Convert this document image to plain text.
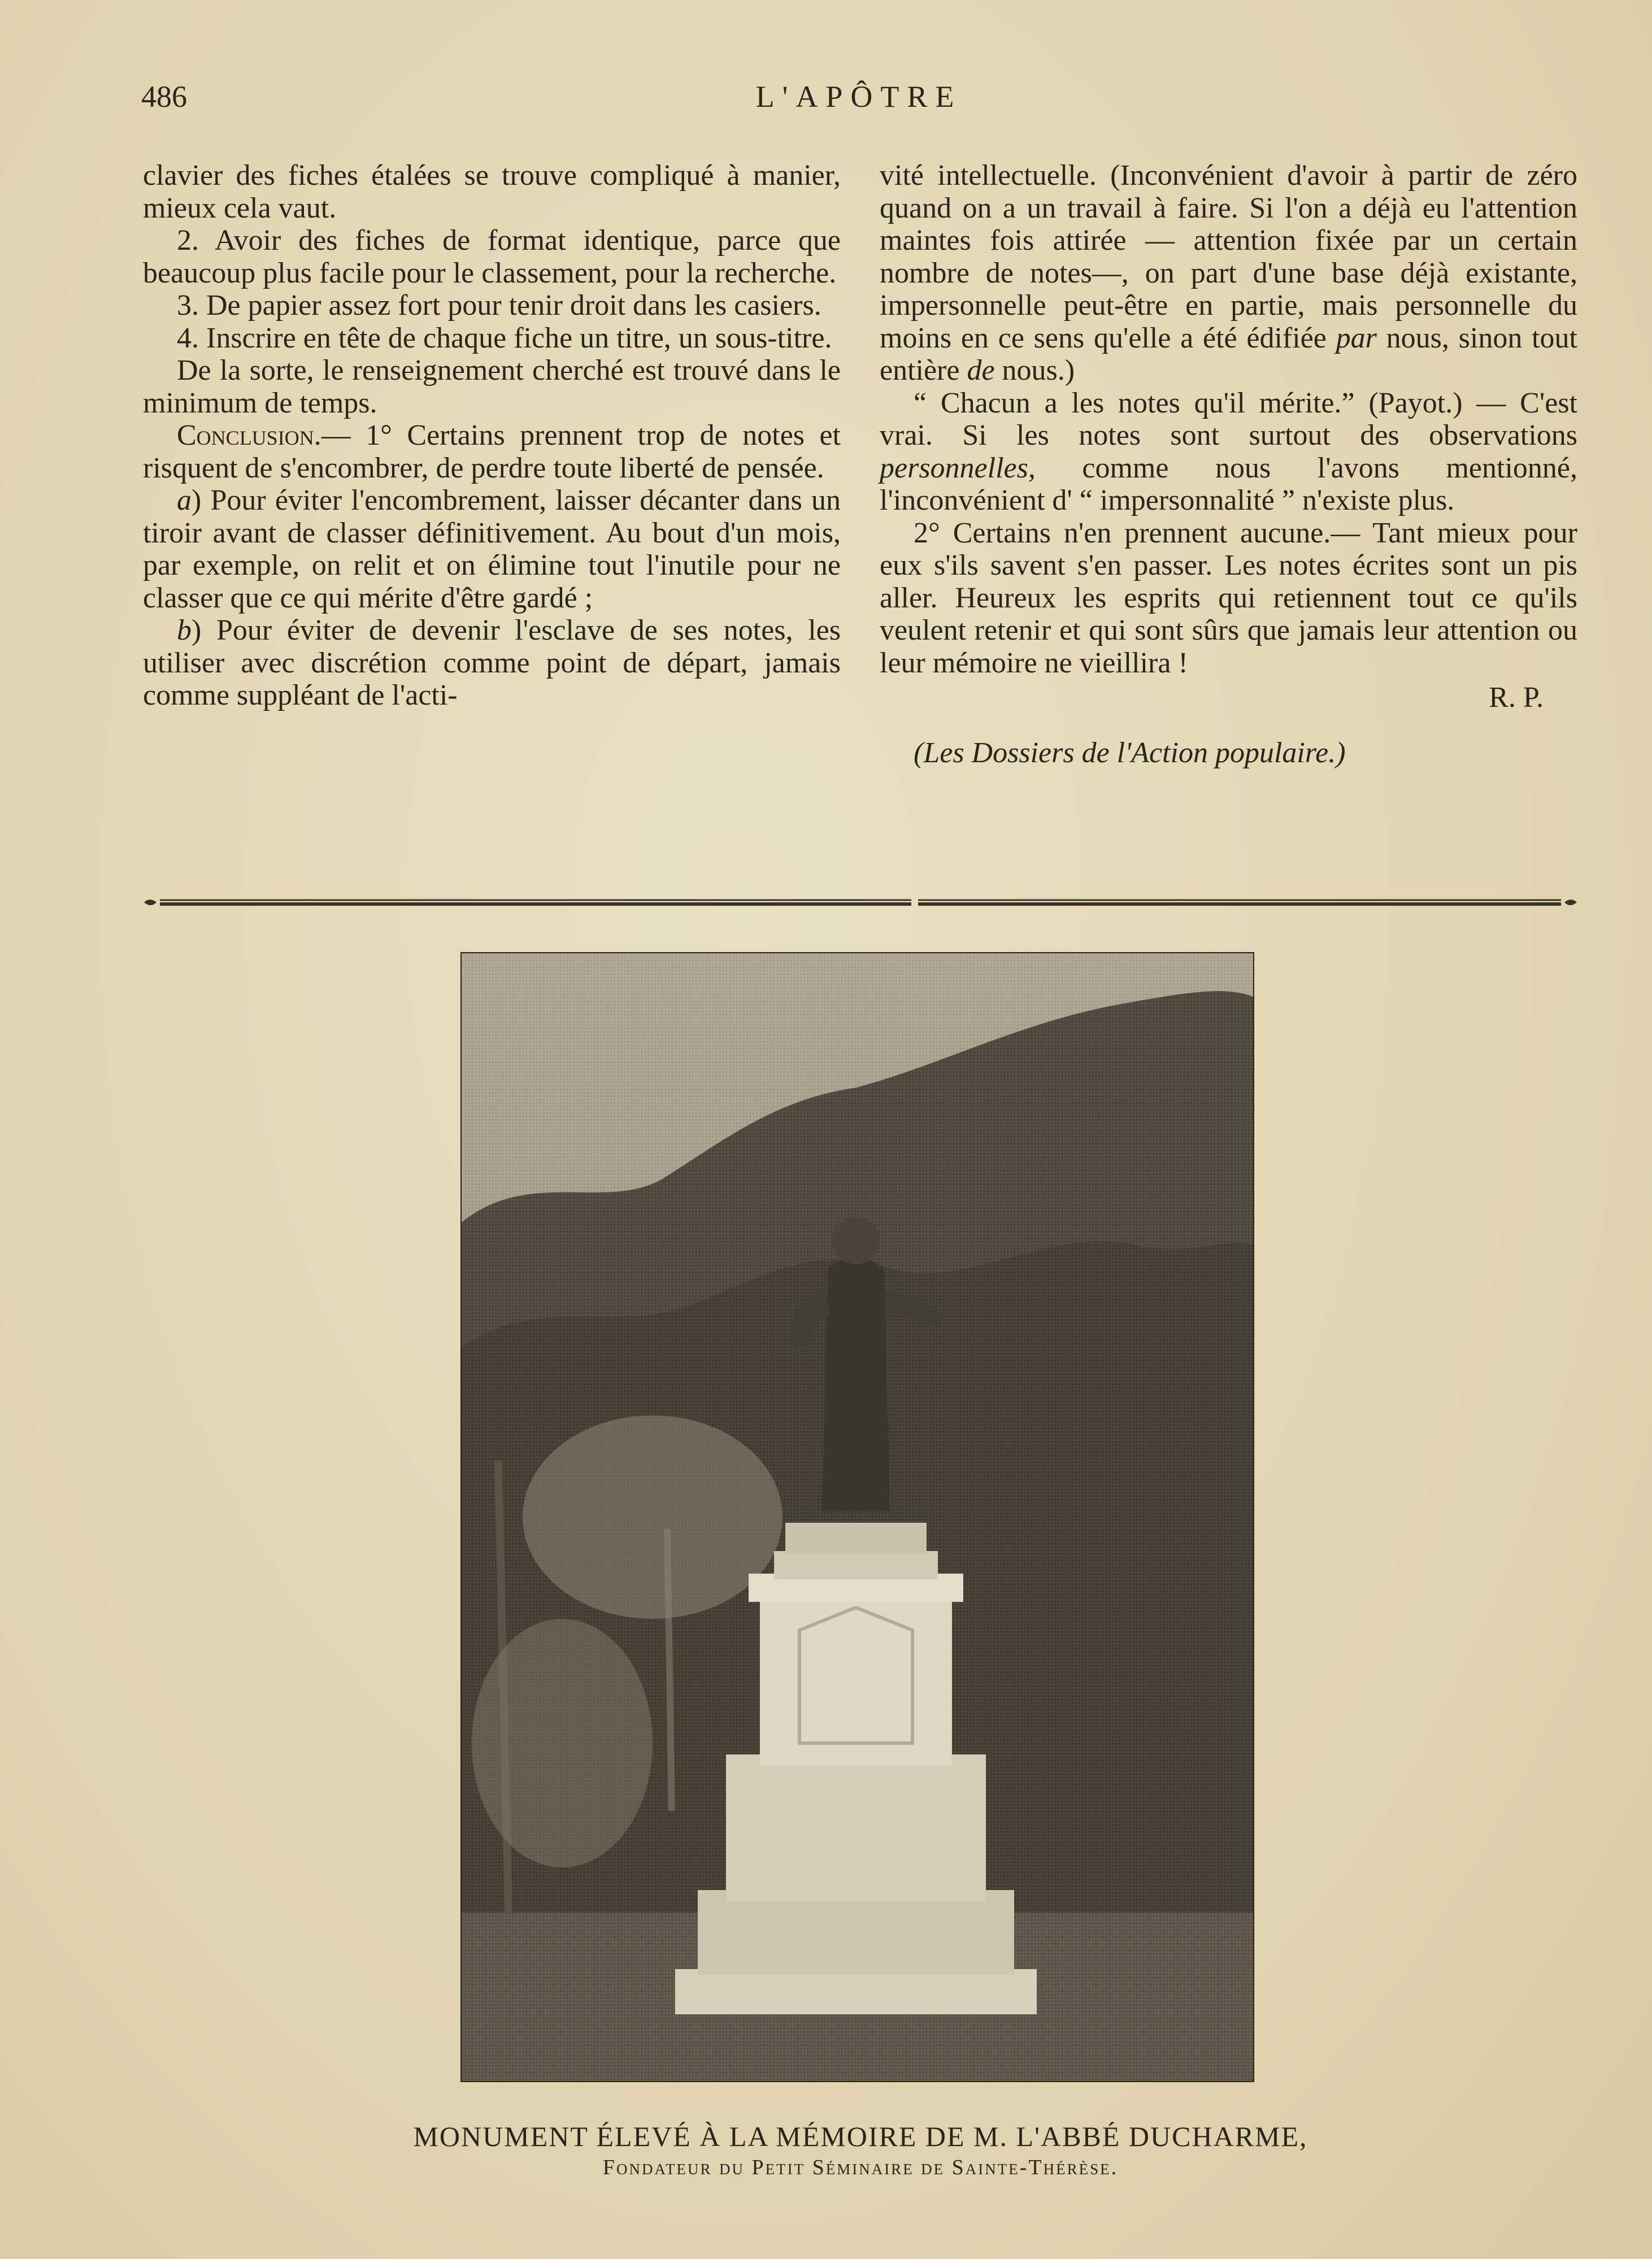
486	L'APÔTRE

clavier des fiches étalées se trouve compliqué à manier, mieux cela vaut.

2. Avoir des fiches de format identique, parce que beaucoup plus facile pour le classement, pour la recherche.

3. De papier assez fort pour tenir droit dans les casiers.

4. Inscrire en tête de chaque fiche un titre, un sous-titre.

De la sorte, le renseignement cherché est trouvé dans le minimum de temps.

Conclusion.— 1° Certains prennent trop de notes et risquent de s'encombrer, de perdre toute liberté de pensée.

a) Pour éviter l'encombrement, laisser décanter dans un tiroir avant de classer définitivement. Au bout d'un mois, par exemple, on relit et on élimine tout l'inutile pour ne classer que ce qui mérite d'être gardé ;

b) Pour éviter de devenir l'esclave de ses notes, les utiliser avec discrétion comme point de départ, jamais comme suppléant de l'acti-

vité intellectuelle. (Inconvénient d'avoir à partir de zéro quand on a un travail à faire. Si l'on a déjà eu l'attention maintes fois attirée — attention fixée par un certain nombre de notes—, on part d'une base déjà existante, impersonnelle peut-être en partie, mais personnelle du moins en ce sens qu'elle a été édifiée par nous, sinon tout entière de nous.)

“ Chacun a les notes qu'il mérite.” (Payot.) — C'est vrai. Si les notes sont surtout des observations personnelles, comme nous l'avons mentionné, l'inconvénient d' “ impersonnalité ” n'existe plus.

2° Certains n'en prennent aucune.— Tant mieux pour eux s'ils savent s'en passer. Les notes écrites sont un pis aller. Heureux les esprits qui retiennent tout ce qu'ils veulent retenir et qui sont sûrs que jamais leur attention ou leur mémoire ne vieillira !

R. P.

(Les Dossiers de l'Action populaire.)

MONUMENT ÉLEVÉ À LA MÉMOIRE DE M. L'ABBÉ DUCHARME,
Fondateur du Petit Séminaire de Sainte-Thérèse.
